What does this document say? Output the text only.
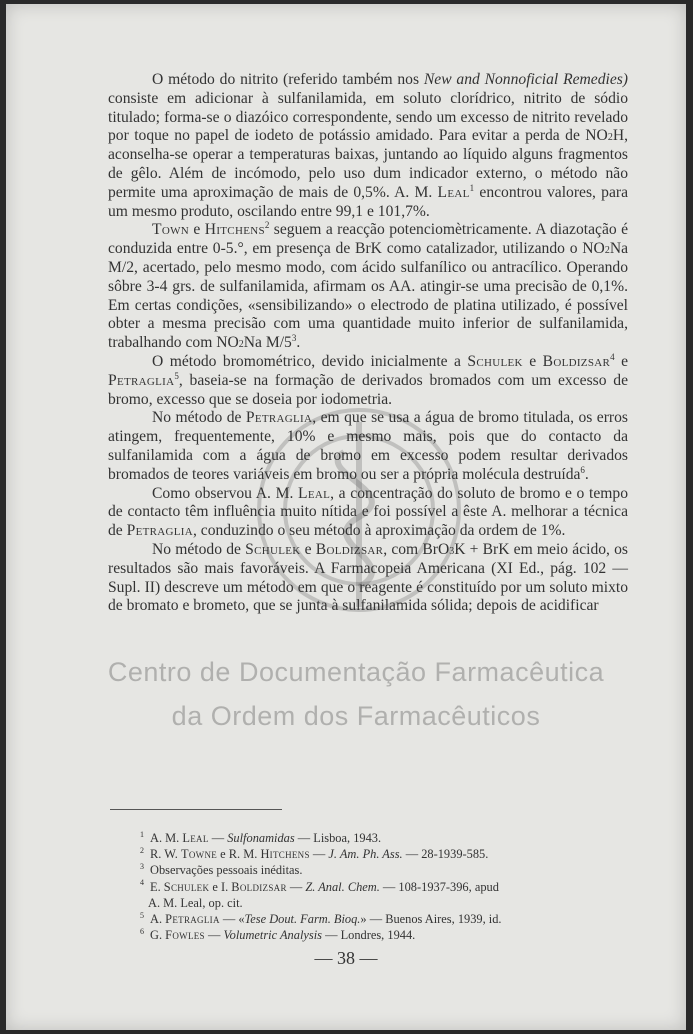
O método do nitrito (referido também nos New and Nonnoficial Remedies) consiste em adicionar à sulfanilamida, em soluto clorídrico, nitrito de sódio titulado; forma-se o diazóico correspondente, sendo um excesso de nitrito revelado por toque no papel de iodeto de potássio amidado. Para evitar a perda de NO2H, aconselha-se operar a temperaturas baixas, juntando ao líquido alguns fragmentos de gêlo. Além de incómodo, pelo uso dum indicador externo, o método não permite uma aproximação de mais de 0,5%. A. M. Leal$^1$ encontrou valores, para um mesmo produto, oscilando entre 99,1 e 101,7%.

Town e Hitchens$^2$ seguem a reacção potenciomètricamente. A diazotação é conduzida entre 0-5.°, em presença de BrK como catalizador, utilizando o NO2Na M/2, acertado, pelo mesmo modo, com ácido sulfanílico ou antracílico. Operando sôbre 3-4 grs. de sulfanilamida, afirmam os AA. atingir-se uma precisão de 0,1%. Em certas condições, «sensibilizando» o electrodo de platina utilizado, é possível obter a mesma precisão com uma quantidade muito inferior de sulfanilamida, trabalhando com NO2Na $M/5^3$.

O método bromométrico, devido inicialmente a Schulek e Boldizsar$^4$ e Petraglia$^5$, baseia-se na formação de derivados bromados com um excesso de bromo, excesso que se doseia por iodometria.

No método de Petraglia, em que se usa a água de bromo titulada, os erros atingem, frequentemente, 10% e mesmo mais, pois que do contacto da sulfanilamida com a água de bromo em excesso podem resultar derivados bromados de teores variáveis em bromo ou ser a própria molécula destruída$^6$.

Como observou A. M. Leal, a concentração do soluto de bromo e o tempo de contacto têm influência muito nítida e foi possível a êste A. melhorar a técnica de Petraglia, conduzindo o seu método à aproximação da ordem de 1%.

No método de Schulek e Boldizsar, com BrO3K + BrK em meio ácido, os resultados são mais favoráveis. A Farmacopeia Americana (XI Ed., pág. 102 — Supl. II) descreve um método em que o reagente é constituído por um soluto mixto de bromato e brometo, que se junta à sulfanilamida sólida; depois de acidificar

Centro de Documentação Farmacêutica
da Ordem dos Farmacêuticos

$^1$ A. M. Leal — Sulfonamidas — Lisboa, 1943.

$^2$ R. W. Towne e R. M. Hitchens — J. Am. Ph. Ass. — 28-1939-585.

$^3$ Observações pessoais inéditas.

$^4$ E. Schulek e I. Boldizsar — Z. Anal. Chem. — 108-1937-396, apud

A. M. Leal, op. cit.

$^5$ A. Petraglia — «Tese Dout. Farm. Bioq.» — Buenos Aires, 1939, id.

$^6$ G. Fowles — Volumetric Analysis — Londres, 1944.

— 38 —
